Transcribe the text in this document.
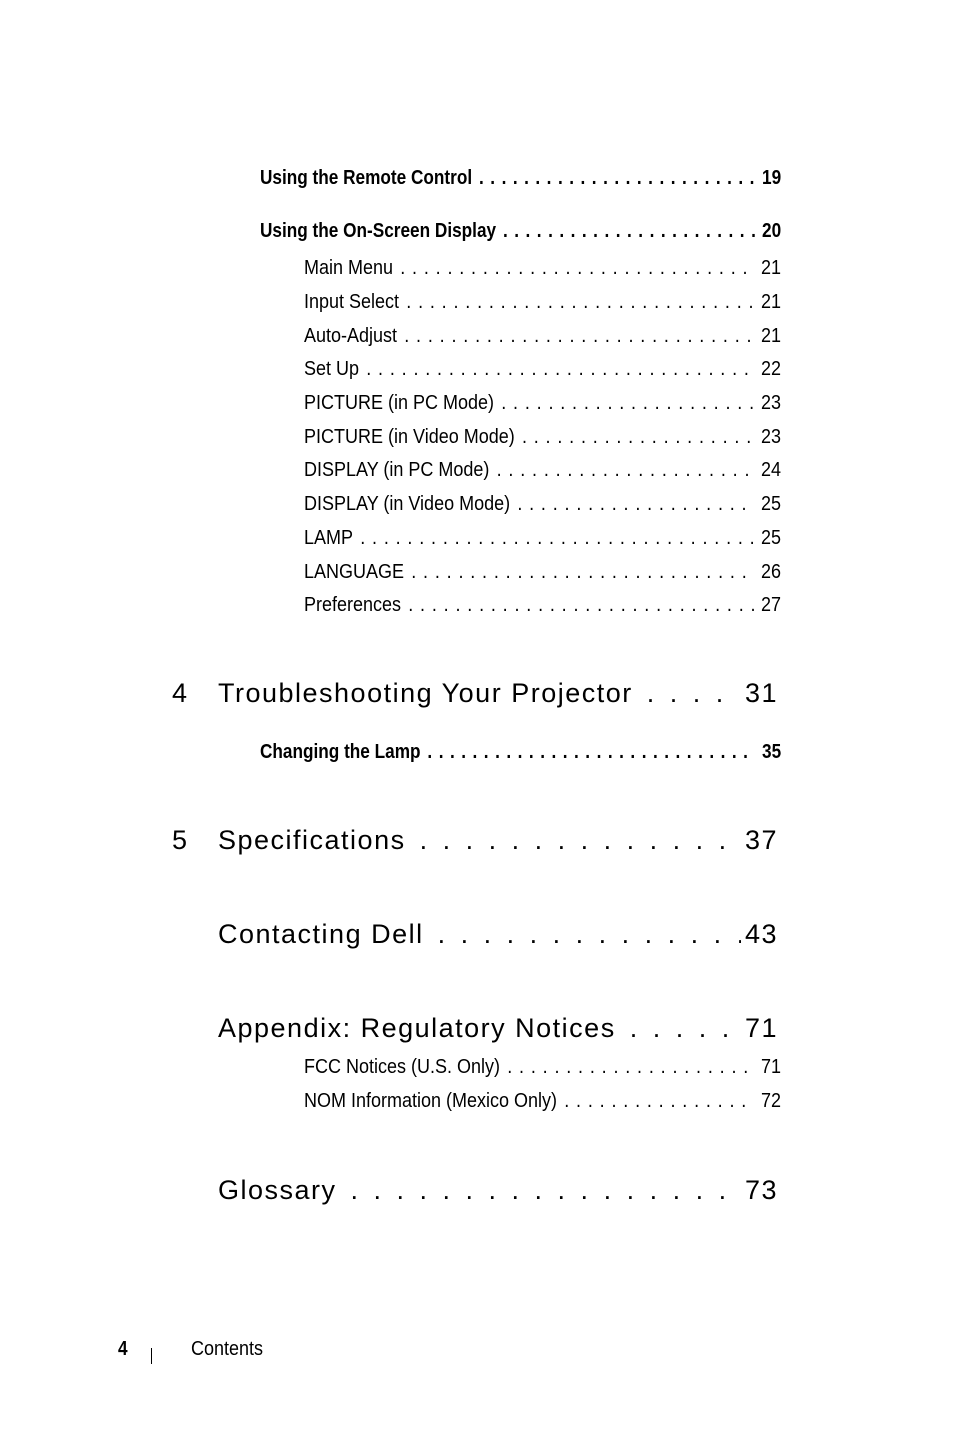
Using the Remote Control . . .	19
Using the On-Screen Display . . .	20
Main Menu . . .	21
Input Select . . .	21
Auto-Adjust . . .	21
Set Up . . .	22
PICTURE (in PC Mode) . . .	23
PICTURE (in Video Mode) . . .	23
DISPLAY (in PC Mode) . . .	24
DISPLAY (in Video Mode) . . .	25
LAMP . . .	25
LANGUAGE . . .	26
Preferences . . .	27
4	Troubleshooting Your Projector . . .	31
Changing the Lamp . . .	35
5	Specifications . . .	37
Contacting Dell . . .	43
Appendix: Regulatory Notices . . .	71
FCC Notices (U.S. Only) . . .	71
NOM Information (Mexico Only) . . .	72
Glossary . . .	73
4	Contents
